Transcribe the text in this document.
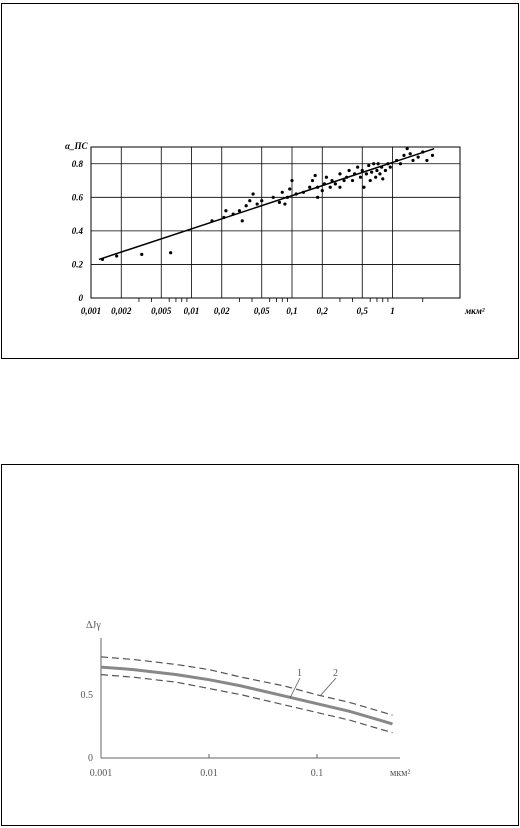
0
0.2
0.4
0.6
0.8
0,001 0,002 0,005 0,01 0,02	0,05 0,1 0,2	0,5 1	мкм²
α_ПС
0
0.5
0.001	0.01	0.1	мкм²
ΔJγ
1	2
